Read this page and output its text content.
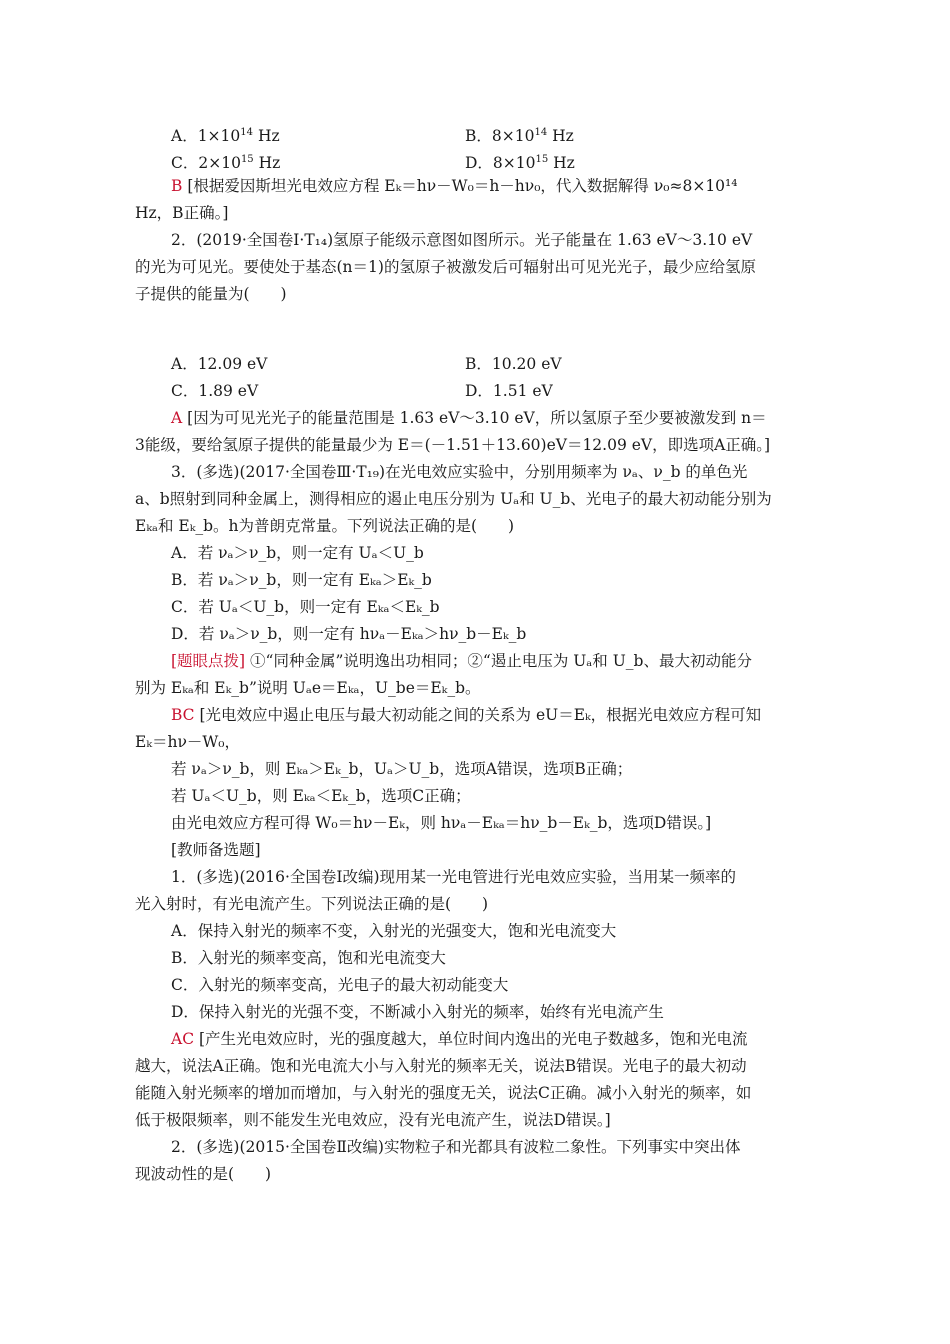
A．$1\times 10^{14}$ Hz	B．$8\times 10^{14}$ Hz
C．$2\times 10^{15}$ Hz	D．$8\times 10^{15}$ Hz
B [根据爱因斯坦光电效应方程 Eₖ＝hν－W₀＝h－hν₀，代入数据解得 ν₀≈8×10¹⁴
Hz，B正确。]
2．(2019·全国卷Ⅰ·T₁₄)氢原子能级示意图如图所示。光子能量在 1.63 eV～3.10 eV
的光为可见光。要使处于基态(n＝1)的氢原子被激发后可辐射出可见光光子，最少应给氢原
子提供的能量为(　　)
A．12.09 eV	B．10.20 eV
C．1.89 eV	D．1.51 eV
A [因为可见光光子的能量范围是 1.63 eV～3.10 eV，所以氢原子至少要被激发到 n＝
3能级，要给氢原子提供的能量最少为 E＝(－1.51＋13.60)eV＝12.09 eV，即选项A正确。]
3．(多选)(2017·全国卷Ⅲ·T₁₉)在光电效应实验中，分别用频率为 νₐ、ν_b 的单色光
a、b照射到同种金属上，测得相应的遏止电压分别为 Uₐ和 U_b、光电子的最大初动能分别为
Eₖₐ和 Eₖ_b。h为普朗克常量。下列说法正确的是(　　)
A．若 νₐ＞ν_b，则一定有 Uₐ＜U_b
B．若 νₐ＞ν_b，则一定有 Eₖₐ＞Eₖ_b
C．若 Uₐ＜U_b，则一定有 Eₖₐ＜Eₖ_b
D．若 νₐ＞ν_b，则一定有 hνₐ－Eₖₐ＞hν_b－Eₖ_b
[题眼点拨] ①“同种金属”说明逸出功相同；②“遏止电压为 Uₐ和 U_b、最大初动能分
别为 Eₖₐ和 Eₖ_b”说明 Uₐe＝Eₖₐ，U_be＝Eₖ_b。
BC [光电效应中遏止电压与最大初动能之间的关系为 eU＝Eₖ，根据光电效应方程可知
Eₖ＝hν－W₀，
若 νₐ＞ν_b，则 Eₖₐ＞Eₖ_b，Uₐ＞U_b，选项A错误，选项B正确；
若 Uₐ＜U_b，则 Eₖₐ＜Eₖ_b，选项C正确；
由光电效应方程可得 W₀＝hν－Eₖ，则 hνₐ－Eₖₐ＝hν_b－Eₖ_b，选项D错误。]
[教师备选题]
1．(多选)(2016·全国卷Ⅰ改编)现用某一光电管进行光电效应实验，当用某一频率的
光入射时，有光电流产生。下列说法正确的是(　　)
A．保持入射光的频率不变，入射光的光强变大，饱和光电流变大
B．入射光的频率变高，饱和光电流变大
C．入射光的频率变高，光电子的最大初动能变大
D．保持入射光的光强不变，不断减小入射光的频率，始终有光电流产生
AC [产生光电效应时，光的强度越大，单位时间内逸出的光电子数越多，饱和光电流
越大，说法A正确。饱和光电流大小与入射光的频率无关，说法B错误。光电子的最大初动
能随入射光频率的增加而增加，与入射光的强度无关，说法C正确。减小入射光的频率，如
低于极限频率，则不能发生光电效应，没有光电流产生，说法D错误。]
2．(多选)(2015·全国卷Ⅱ改编)实物粒子和光都具有波粒二象性。下列事实中突出体
现波动性的是(　　)
